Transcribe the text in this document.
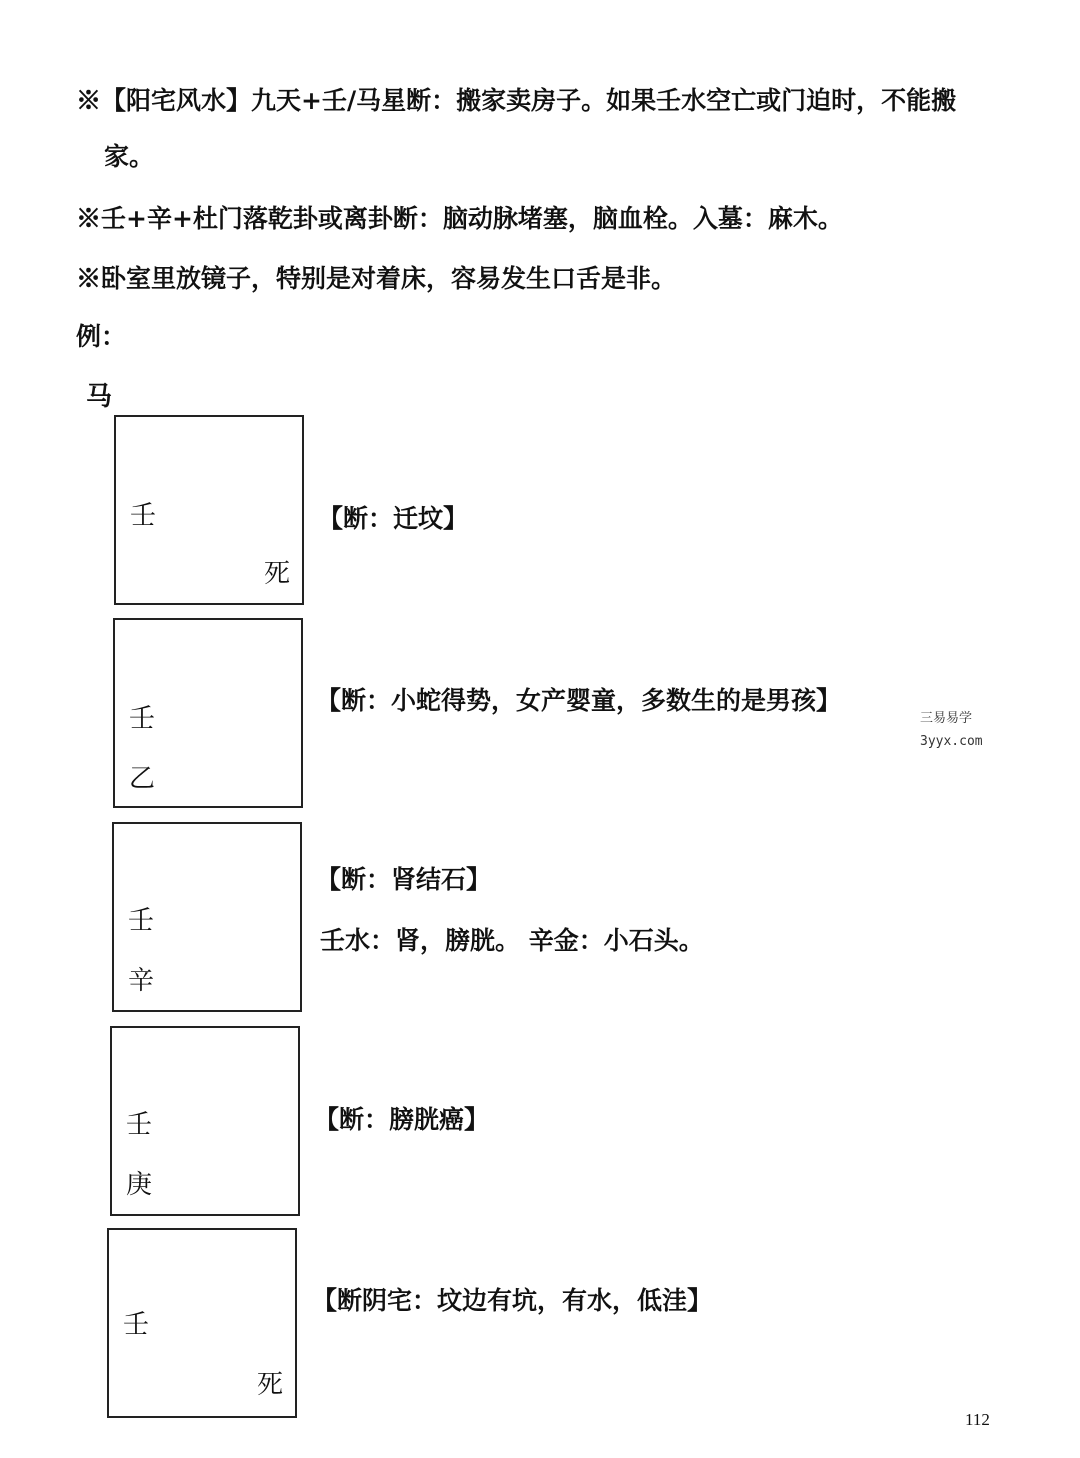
※【阳宅风水】九天+壬/马星断：搬家卖房子。如果壬水空亡或门迫时，不能搬
家。
※壬+辛+杜门落乾卦或离卦断：脑动脉堵塞，脑血栓。入墓：麻木。
※卧室里放镜子，特别是对着床，容易发生口舌是非。
例：
马
壬
死
【断：迁坟】
壬
乙
【断：小蛇得势，女产婴童，多数生的是男孩】
壬
辛
【断：肾结石】
壬水：肾，膀胱。 辛金：小石头。
壬
庚
【断：膀胱癌】
壬
死
【断阴宅：坟边有坑，有水，低洼】
三易易学
3yyx.com
112
